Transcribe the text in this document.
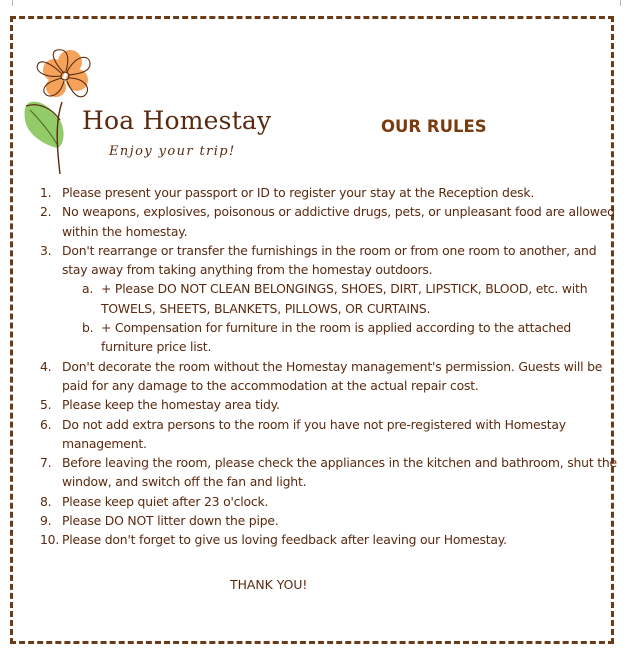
Hoa Homestay
Enjoy your trip!
OUR RULES
1. Please present your passport or ID to register your stay at the Reception desk.
2. No weapons, explosives, poisonous or addictive drugs, pets, or unpleasant food are allowed within the homestay.
3. Don't rearrange or transfer the furnishings in the room or from one room to another, and stay away from taking anything from the homestay outdoors.
a. + Please DO NOT CLEAN BELONGINGS, SHOES, DIRT, LIPSTICK, BLOOD, etc. with TOWELS, SHEETS, BLANKETS, PILLOWS, OR CURTAINS.
b. + Compensation for furniture in the room is applied according to the attached furniture price list.
4. Don't decorate the room without the Homestay management's permission. Guests will be paid for any damage to the accommodation at the actual repair cost.
5. Please keep the homestay area tidy.
6. Do not add extra persons to the room if you have not pre-registered with Homestay management.
7. Before leaving the room, please check the appliances in the kitchen and bathroom, shut the window, and switch off the fan and light.
8. Please keep quiet after 23 o'clock.
9. Please DO NOT litter down the pipe.
10. Please don't forget to give us loving feedback after leaving our Homestay.
THANK YOU!
